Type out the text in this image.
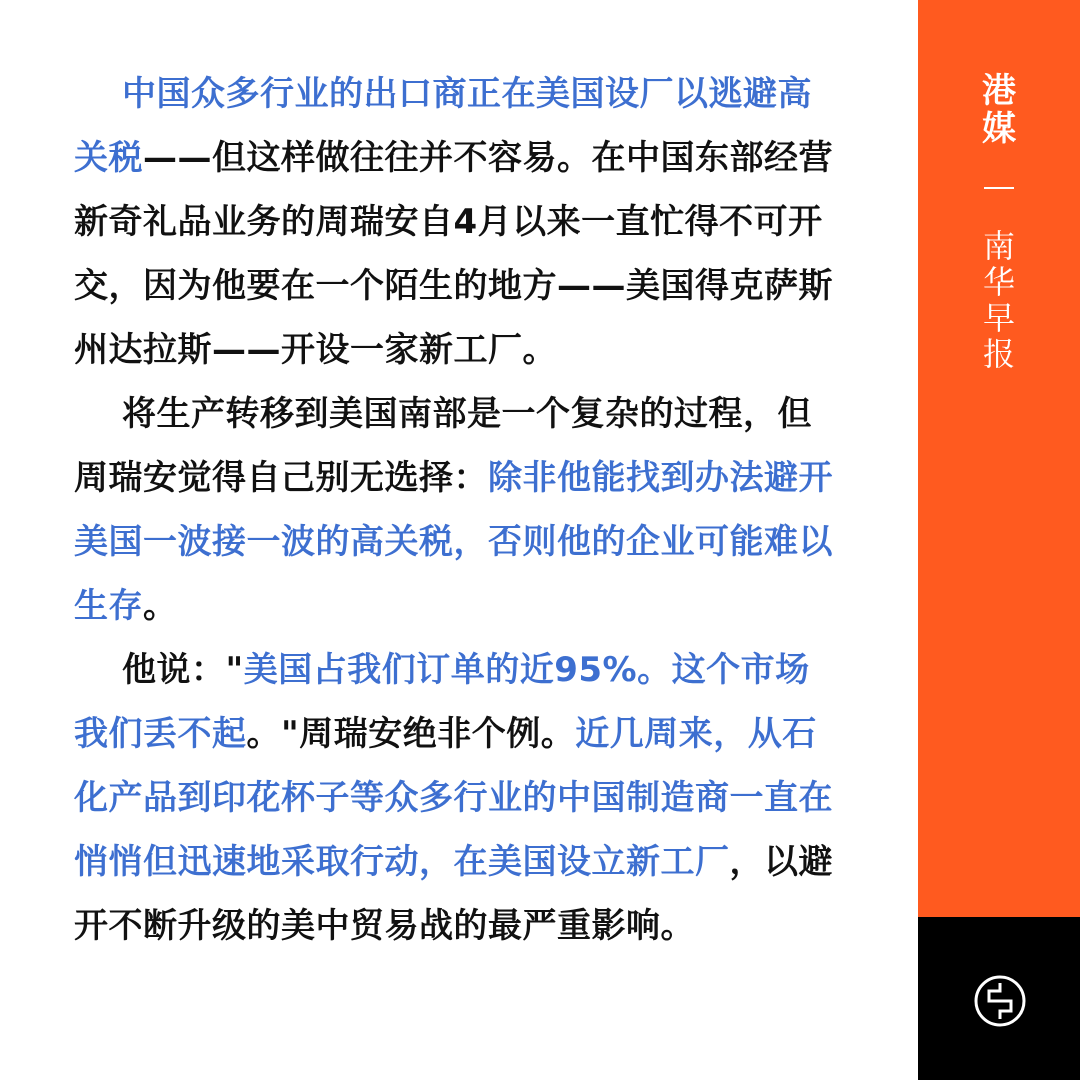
中国众多行业的出口商正在美国设厂以逃避高关税——但这样做往往并不容易。在中国东部经营新奇礼品业务的周瑞安自4月以来一直忙得不可开交，因为他要在一个陌生的地方——美国得克萨斯州达拉斯——开设一家新工厂。

将生产转移到美国南部是一个复杂的过程，但周瑞安觉得自己别无选择：除非他能找到办法避开美国一波接一波的高关税，否则他的企业可能难以生存。

他说："美国占我们订单的近95%。这个市场我们丢不起。"周瑞安绝非个例。近几周来，从石化产品到印花杯子等众多行业的中国制造商一直在悄悄但迅速地采取行动，在美国设立新工厂，以避开不断升级的美中贸易战的最严重影响。

港
媒
南
华
早
报
